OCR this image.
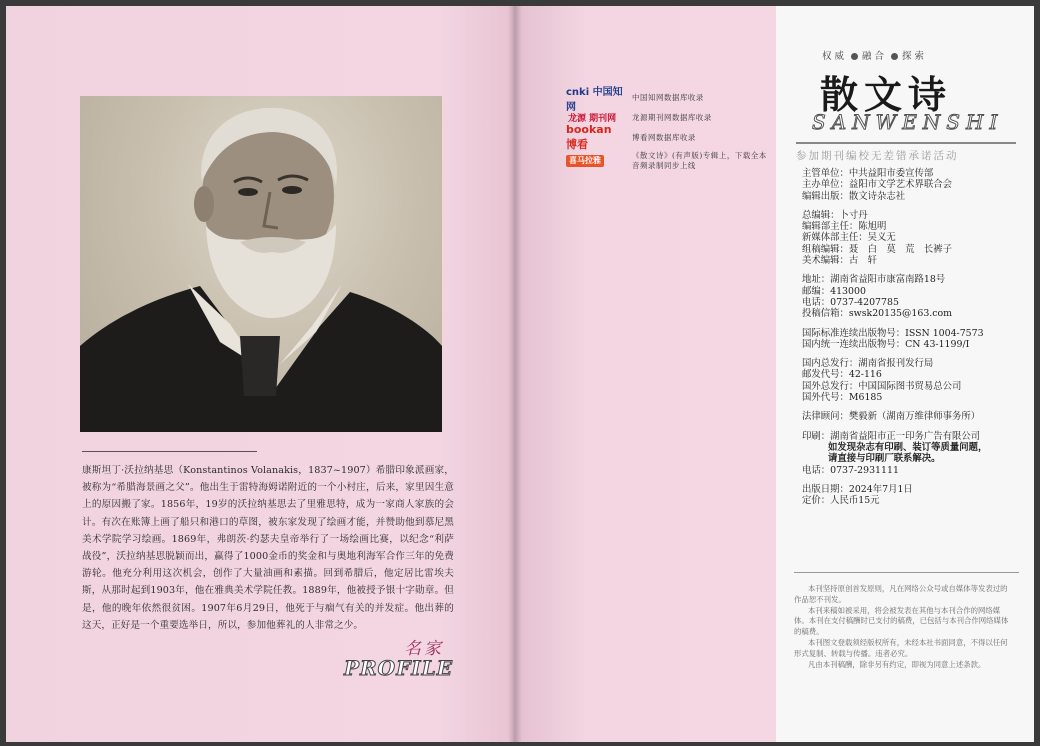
康斯坦丁·沃拉纳基思（Konstantinos Volanakis，1837~1907）希腊印象派画家，被称为“希腊海景画之父”。他出生于雷特海姆诺附近的一个小村庄，后来，家里因生意上的原因搬了家。1856年，19岁的沃拉纳基思去了里雅思特，成为一家商人家族的会计。有次在账簿上画了船只和港口的草图，被东家发现了绘画才能，并赞助他到慕尼黑美术学院学习绘画。1869年，弗朗茨·约瑟夫皇帝举行了一场绘画比赛，以纪念“利萨战役”，沃拉纳基思脱颖而出，赢得了1000金币的奖金和与奥地利海军合作三年的免费游轮。他充分利用这次机会，创作了大量油画和素描。回到希腊后，他定居比雷埃夫斯，从那时起到1903年，他在雅典美术学院任教。1889年，他被授予银十字勋章。但是，他的晚年依然很贫困。1907年6月29日，他死于与痼气有关的并发症。他出葬的这天，正好是一个重要选举日，所以，参加他葬礼的人非常之少。
名家
PROFILE
cnki 中国知网
中国知网数据库收录
龙源 期刊网 龙源期刊网数据库收录
bookan 博看
博看网数据库收录
喜马拉雅
《散文诗》(有声版)专辑上，下载全本音频录制同步上线
权威 融合 探索
散文诗
SANWENSHI
参加期刊编校无差错承诺活动
主管单位：中共益阳市委宣传部
主办单位：益阳市文学艺术界联合会
编辑出版：散文诗杂志社
总编辑：卜寸丹
编辑部主任：陈旭明
新媒体部主任：吴义无
组稿编辑：聂　白　莫　荒　长裤子
美术编辑：古　轩
地址：湖南省益阳市康富南路18号
邮编：413000
电话：0737-4207785
投稿信箱：swsk20135@163.com
国际标准连续出版物号：ISSN 1004-7573
国内统一连续出版物号：CN 43-1199/I
国内总发行：湖南省报刊发行局
邮发代号：42-116
国外总发行：中国国际图书贸易总公司
国外代号：M6185
法律顾问：樊毅新（湖南万维律师事务所）
印刷：湖南省益阳市正一印务广告有限公司
如发现杂志有印刷、装订等质量问题，
请直接与印刷厂联系解决。
电话：0737-2931111
出版日期：2024年7月1日
定价：人民币15元

本刊坚持原创首发原则，凡在网络公众号或自媒体等发表过的作品恕不刊发。

本刊来稿如被采用，将会被发表在其他与本刊合作的网络媒体。本刊在支付稿酬时已支付的稿费，已包括与本刊合作网络媒体的稿费。

本刊图文登载须经版权所有，未经本社书面同意，不得以任何形式复制、转载与传播。违者必究。

凡由本刊稿酬，除非另有约定，即视为同意上述条款。
